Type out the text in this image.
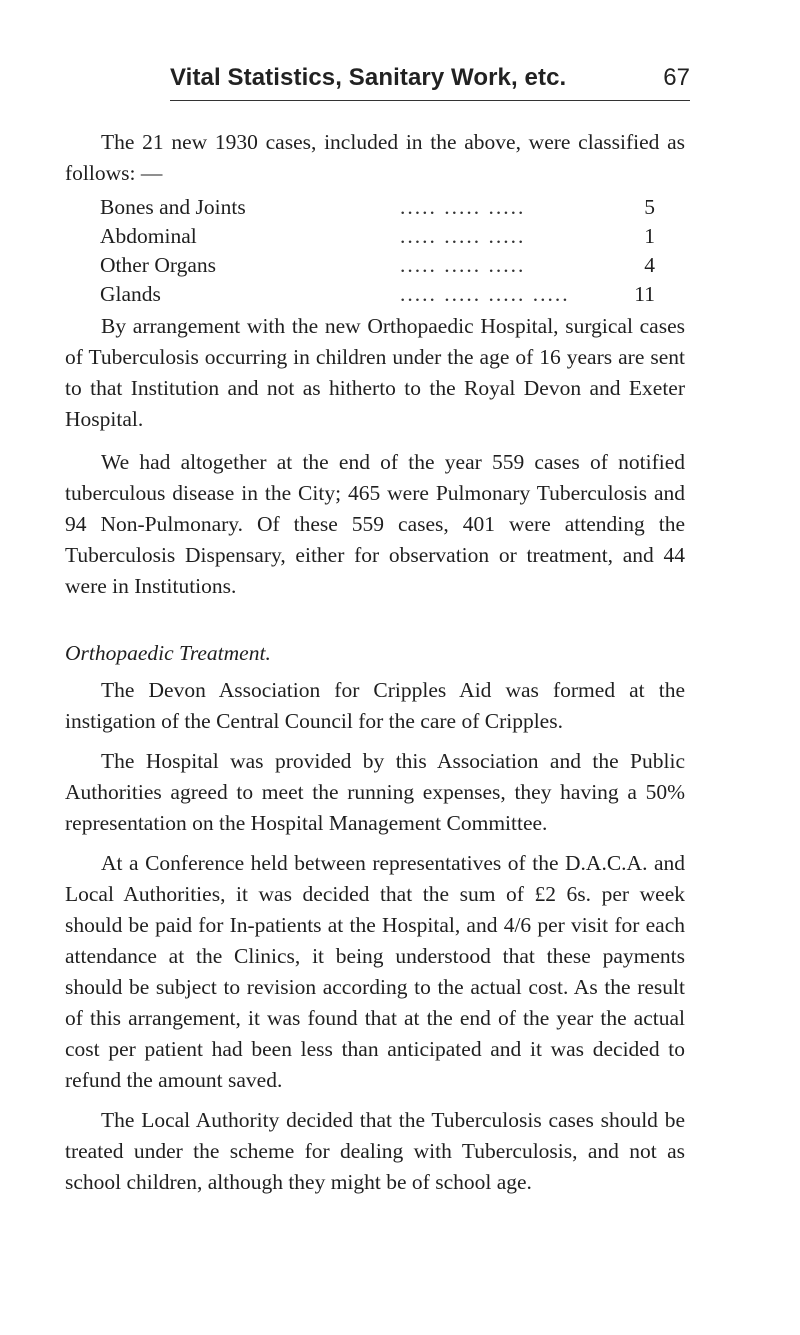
Vital Statistics, Sanitary Work, etc.	67

The 21 new 1930 cases, included in the above, were classified as follows: —

Bones and Joints	..... ..... .....	5
Abdominal	..... ..... .....	1
Other Organs	..... ..... .....	4
Glands	..... ..... ..... .....	11

By arrangement with the new Orthopaedic Hospital, surgical cases of Tuberculosis occurring in children under the age of 16 years are sent to that Institution and not as hitherto to the Royal Devon and Exeter Hospital.

We had altogether at the end of the year 559 cases of notified tuberculous disease in the City; 465 were Pulmonary Tuberculosis and 94 Non-Pulmonary. Of these 559 cases, 401 were attending the Tuberculosis Dispensary, either for observation or treatment, and 44 were in Institutions.

Orthopaedic Treatment.

The Devon Association for Cripples Aid was formed at the instigation of the Central Council for the care of Cripples.

The Hospital was provided by this Association and the Public Authorities agreed to meet the running expenses, they having a 50% representation on the Hospital Management Committee.

At a Conference held between representatives of the D.A.C.A. and Local Authorities, it was decided that the sum of £2 6s. per week should be paid for In-patients at the Hospital, and 4/6 per visit for each attendance at the Clinics, it being understood that these payments should be subject to revision according to the actual cost. As the result of this arrangement, it was found that at the end of the year the actual cost per patient had been less than anticipated and it was decided to refund the amount saved.

The Local Authority decided that the Tuberculosis cases should be treated under the scheme for dealing with Tuberculosis, and not as school children, although they might be of school age.
